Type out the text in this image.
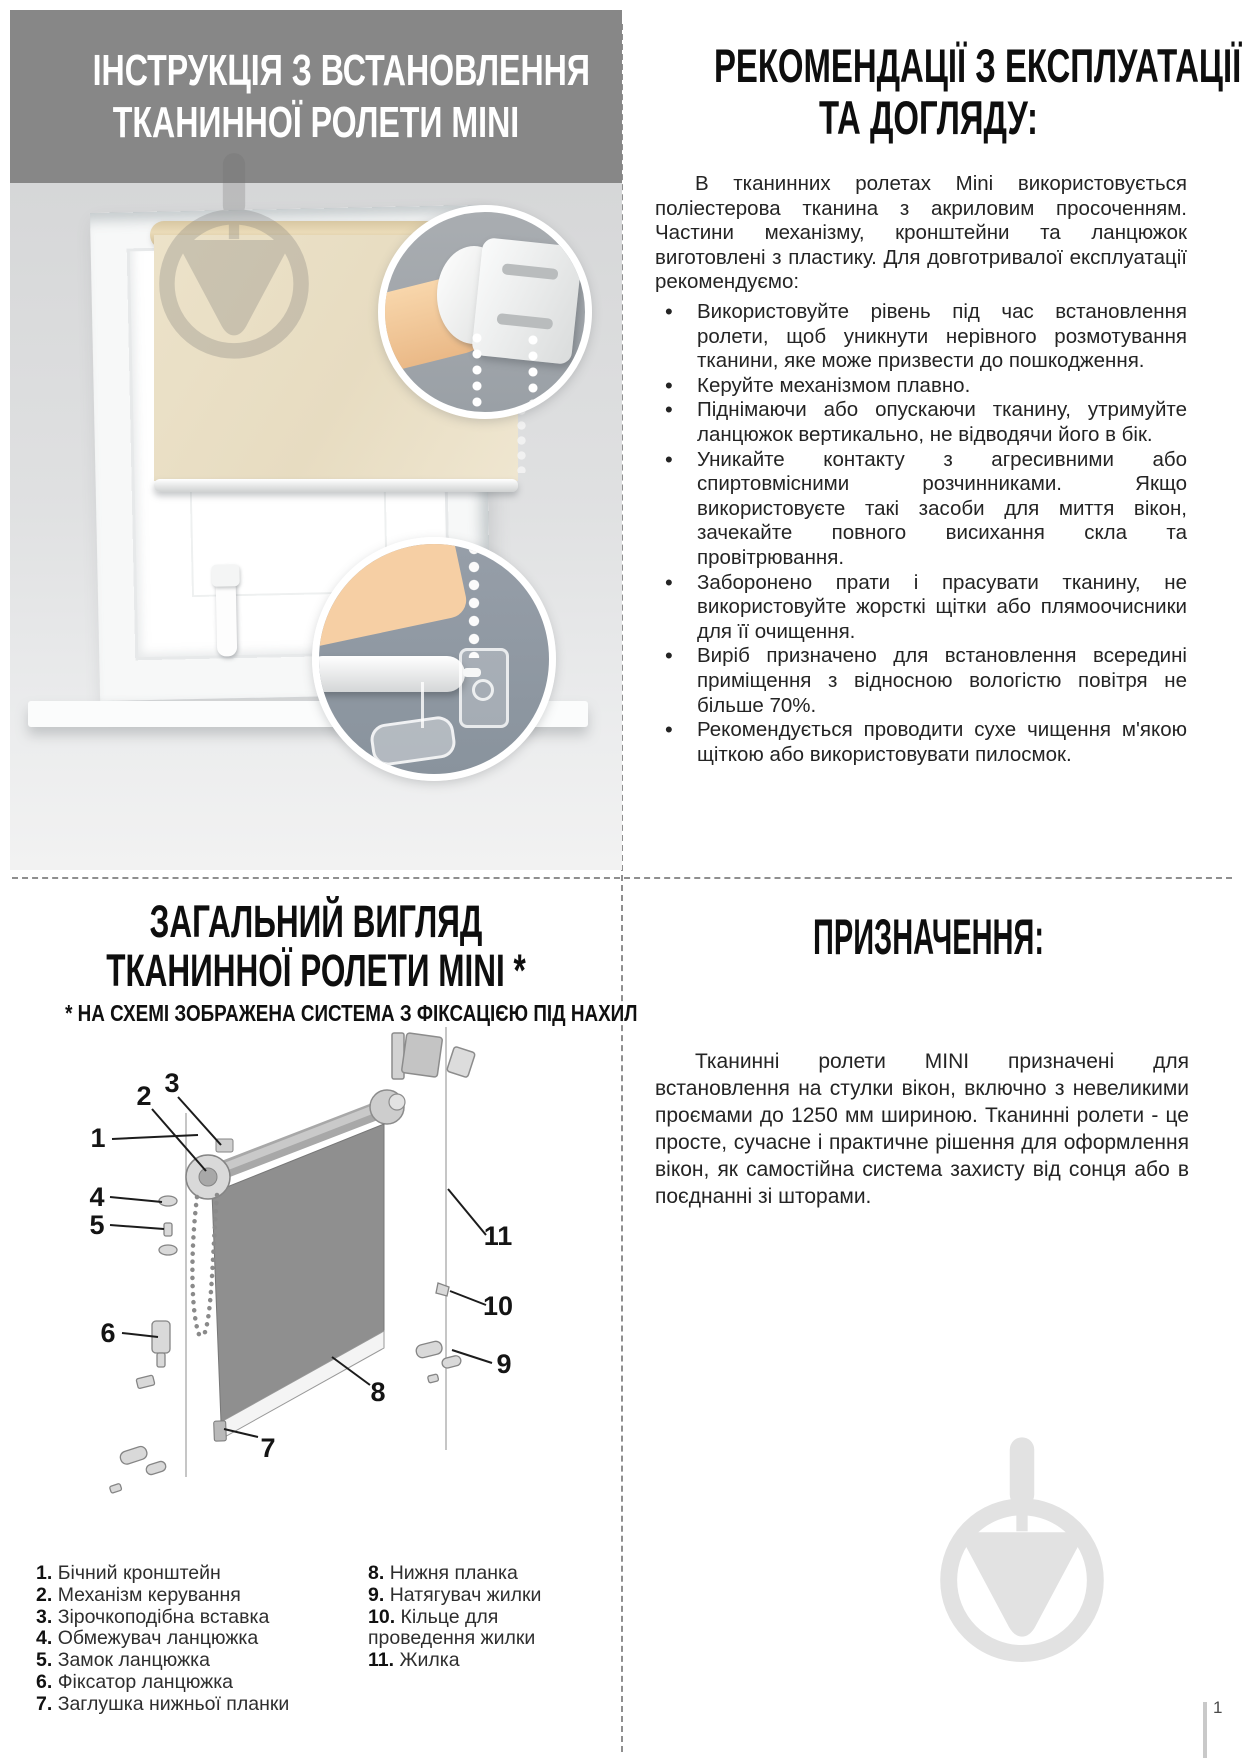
ІНСТРУКЦІЯ З ВСТАНОВЛЕННЯ
ТКАНИННОЇ РОЛЕТИ MINI
РЕКОМЕНДАЦІЇ З ЕКСПЛУАТАЦІЇ
ТА ДОГЛЯДУ:
В тканинних ролетах Mini використовується поліестерова тканина з акриловим просоченням. Частини механізму, кронштейни та ланцюжок виготовлені з пластику. Для довготривалої експлуатації рекомендуємо:
• Використовуйте рівень під час встановлення ролети, щоб уникнути нерівного розмотування тканини, яке може призвести до пошкодження.
• Керуйте механізмом плавно.
• Піднімаючи або опускаючи тканину, утримуйте ланцюжок вертикально, не відводячи його в бік.
• Уникайте контакту з агресивними або спиртовмісними розчинниками. Якщо використовуєте такі засоби для миття вікон, зачекайте повного висихання скла та провітрювання.
• Заборонено прати і прасувати тканину, не використовуйте жорсткі щітки або плямоочисники для її очищення.
• Виріб призначено для встановлення всередині приміщення з відносною вологістю повітря не більше 70%.
• Рекомендується проводити сухе чищення м'якою щіткою або використовувати пилосмок.
ЗАГАЛЬНИЙ ВИГЛЯД
ТКАНИННОЇ РОЛЕТИ MINI *
* НА СХЕМІ ЗОБРАЖЕНА СИСТЕМА З ФІКСАЦІЄЮ ПІД НАХИЛ
1
2 3
4
5
6
7
8
9
10
11
1. Бічний кронштейн
2. Механізм керування
3. Зірочкоподібна вставка
4. Обмежувач ланцюжка
5. Замок ланцюжка
6. Фіксатор ланцюжка
7. Заглушка нижньої планки
8. Нижня планка
9. Натягувач жилки
10. Кільце для проведення жилки
11. Жилка
ПРИЗНАЧЕННЯ:
Тканинні ролети MINI призначені для встановлення на стулки вікон, включно з невеликими проємами до 1250 мм шириною. Тканинні ролети - це просте, сучасне і практичне рішення для оформлення вікон, як самостійна система захисту від сонця або в поєднанні зі шторами.
1
